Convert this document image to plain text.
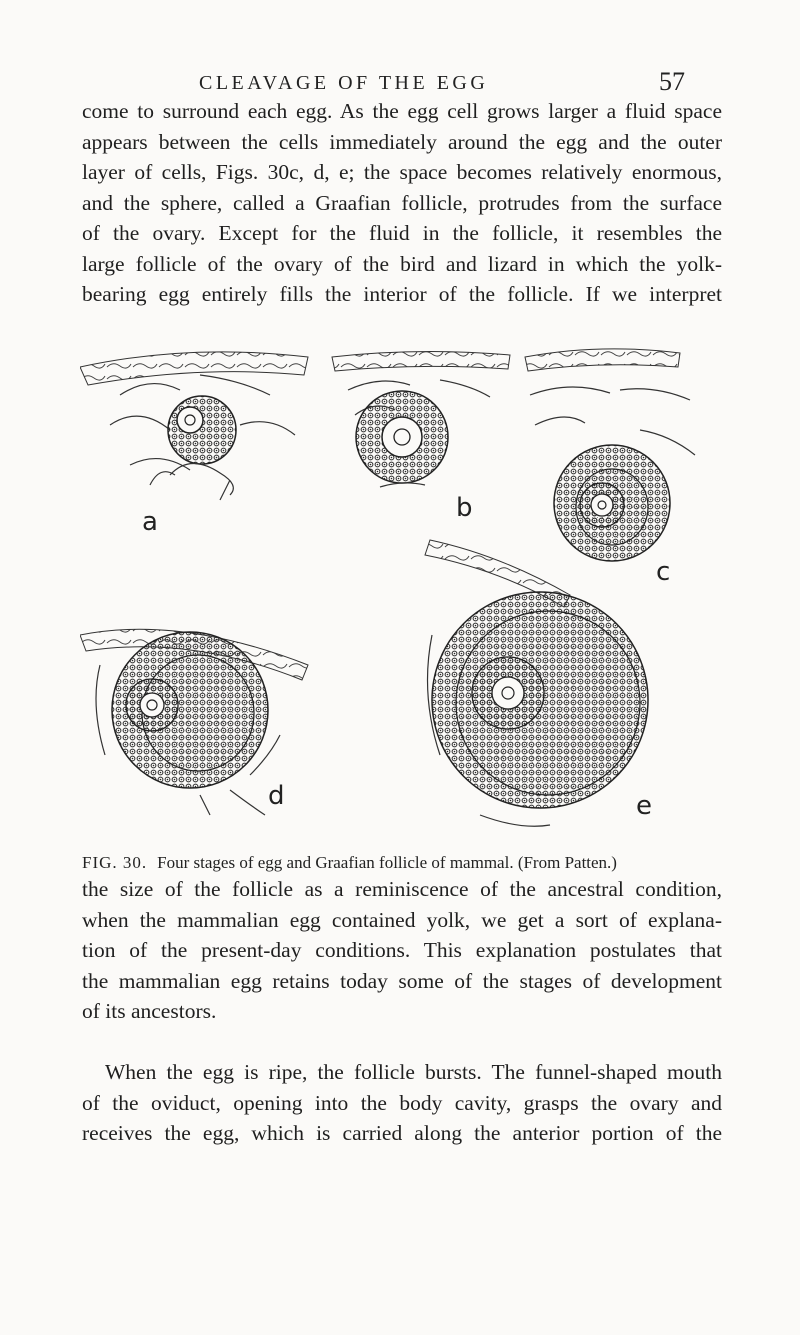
CLEAVAGE OF THE EGG	57

come to surround each egg. As the egg cell grows larger a fluid space
appears between the cells immediately around the egg and the outer
layer of cells, Figs. 30c, d, e; the space becomes relatively enormous,
and the sphere, called a Graafian follicle, protrudes from the surface
of the ovary. Except for the fluid in the follicle, it resembles the
large follicle of the ovary of the bird and lizard in which the yolk-
bearing egg entirely fills the interior of the follicle. If we interpret

a	b
c
d	e
FIG. 30. Four stages of egg and Graafian follicle of mammal. (From Patten.)

the size of the follicle as a reminiscence of the ancestral condition,
when the mammalian egg contained yolk, we get a sort of explana-
tion of the present-day conditions. This explanation postulates that
the mammalian egg retains today some of the stages of development
of its ancestors.

When the egg is ripe, the follicle bursts. The funnel-shaped mouth
of the oviduct, opening into the body cavity, grasps the ovary and
receives the egg, which is carried along the anterior portion of the
